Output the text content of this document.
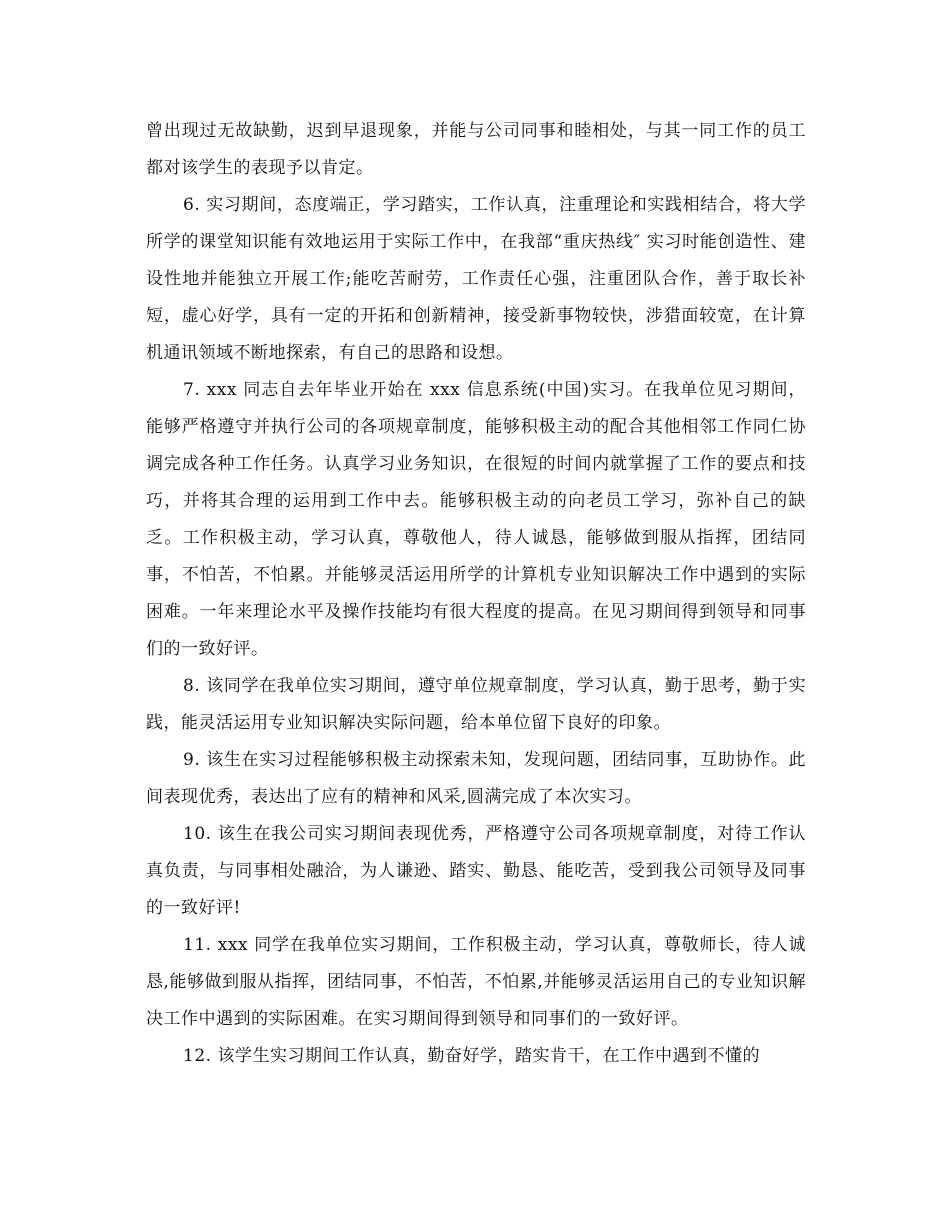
曾出现过无故缺勤，迟到早退现象，并能与公司同事和睦相处，与其一同工作的员工都对该学生的表现予以肯定。

6. 实习期间，态度端正，学习踏实，工作认真，注重理论和实践相结合，将大学所学的课堂知识能有效地运用于实际工作中，在我部“重庆热线″ 实习时能创造性、建设性地并能独立开展工作;能吃苦耐劳，工作责任心强，注重团队合作，善于取长补短，虚心好学，具有一定的开拓和创新精神，接受新事物较快，涉猎面较宽，在计算机通讯领域不断地探索，有自己的思路和设想。

7. xxx 同志自去年毕业开始在 xxx 信息系统(中国)实习。在我单位见习期间，能够严格遵守并执行公司的各项规章制度，能够积极主动的配合其他相邻工作同仁协调完成各种工作任务。认真学习业务知识，在很短的时间内就掌握了工作的要点和技巧，并将其合理的运用到工作中去。能够积极主动的向老员工学习，弥补自己的缺乏。工作积极主动，学习认真，尊敬他人，待人诚恳，能够做到服从指挥，团结同事，不怕苦，不怕累。并能够灵活运用所学的计算机专业知识解决工作中遇到的实际困难。一年来理论水平及操作技能均有很大程度的提高。在见习期间得到领导和同事们的一致好评。

8. 该同学在我单位实习期间，遵守单位规章制度，学习认真，勤于思考，勤于实践，能灵活运用专业知识解决实际问题，给本单位留下良好的印象。

9. 该生在实习过程能够积极主动探索未知，发现问题，团结同事，互助协作。此间表现优秀，表达出了应有的精神和风采,圆满完成了本次实习。

10. 该生在我公司实习期间表现优秀，严格遵守公司各项规章制度，对待工作认真负责，与同事相处融洽，为人谦逊、踏实、勤恳、能吃苦，受到我公司领导及同事的一致好评!

11. xxx 同学在我单位实习期间，工作积极主动，学习认真，尊敬师长，待人诚恳,能够做到服从指挥，团结同事，不怕苦，不怕累,并能够灵活运用自己的专业知识解决工作中遇到的实际困难。在实习期间得到领导和同事们的一致好评。

12. 该学生实习期间工作认真，勤奋好学，踏实肯干，在工作中遇到不懂的
